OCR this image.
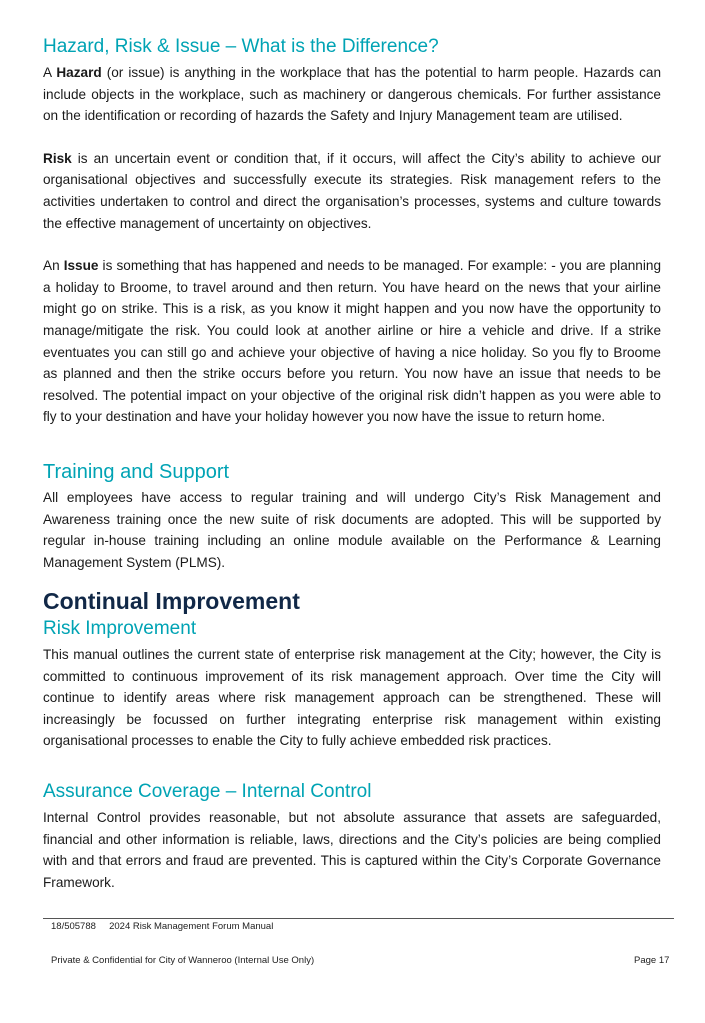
Hazard, Risk & Issue – What is the Difference?

A Hazard (or issue) is anything in the workplace that has the potential to harm people. Hazards can include objects in the workplace, such as machinery or dangerous chemicals. For further assistance on the identification or recording of hazards the Safety and Injury Management team are utilised.

Risk is an uncertain event or condition that, if it occurs, will affect the City’s ability to achieve our organisational objectives and successfully execute its strategies. Risk management refers to the activities undertaken to control and direct the organisation’s processes, systems and culture towards the effective management of uncertainty on objectives.

An Issue is something that has happened and needs to be managed. For example: - you are planning a holiday to Broome, to travel around and then return. You have heard on the news that your airline might go on strike. This is a risk, as you know it might happen and you now have the opportunity to manage/mitigate the risk. You could look at another airline or hire a vehicle and drive. If a strike eventuates you can still go and achieve your objective of having a nice holiday. So you fly to Broome as planned and then the strike occurs before you return. You now have an issue that needs to be resolved. The potential impact on your objective of the original risk didn’t happen as you were able to fly to your destination and have your holiday however you now have the issue to return home.

Training and Support

All employees have access to regular training and will undergo City’s Risk Management and Awareness training once the new suite of risk documents are adopted. This will be supported by regular in-house training including an online module available on the Performance & Learning Management System (PLMS).

Continual Improvement
Risk Improvement

This manual outlines the current state of enterprise risk management at the City; however, the City is committed to continuous improvement of its risk management approach. Over time the City will continue to identify areas where risk management approach can be strengthened. These will increasingly be focussed on further integrating enterprise risk management within existing organisational processes to enable the City to fully achieve embedded risk practices.

Assurance Coverage – Internal Control

Internal Control provides reasonable, but not absolute assurance that assets are safeguarded, financial and other information is reliable, laws, directions and the City’s policies are being complied with and that errors and fraud are prevented. This is captured within the City’s Corporate Governance Framework.

18/505788     2024 Risk Management Forum Manual
Private & Confidential for City of Wanneroo (Internal Use Only)	Page 17
